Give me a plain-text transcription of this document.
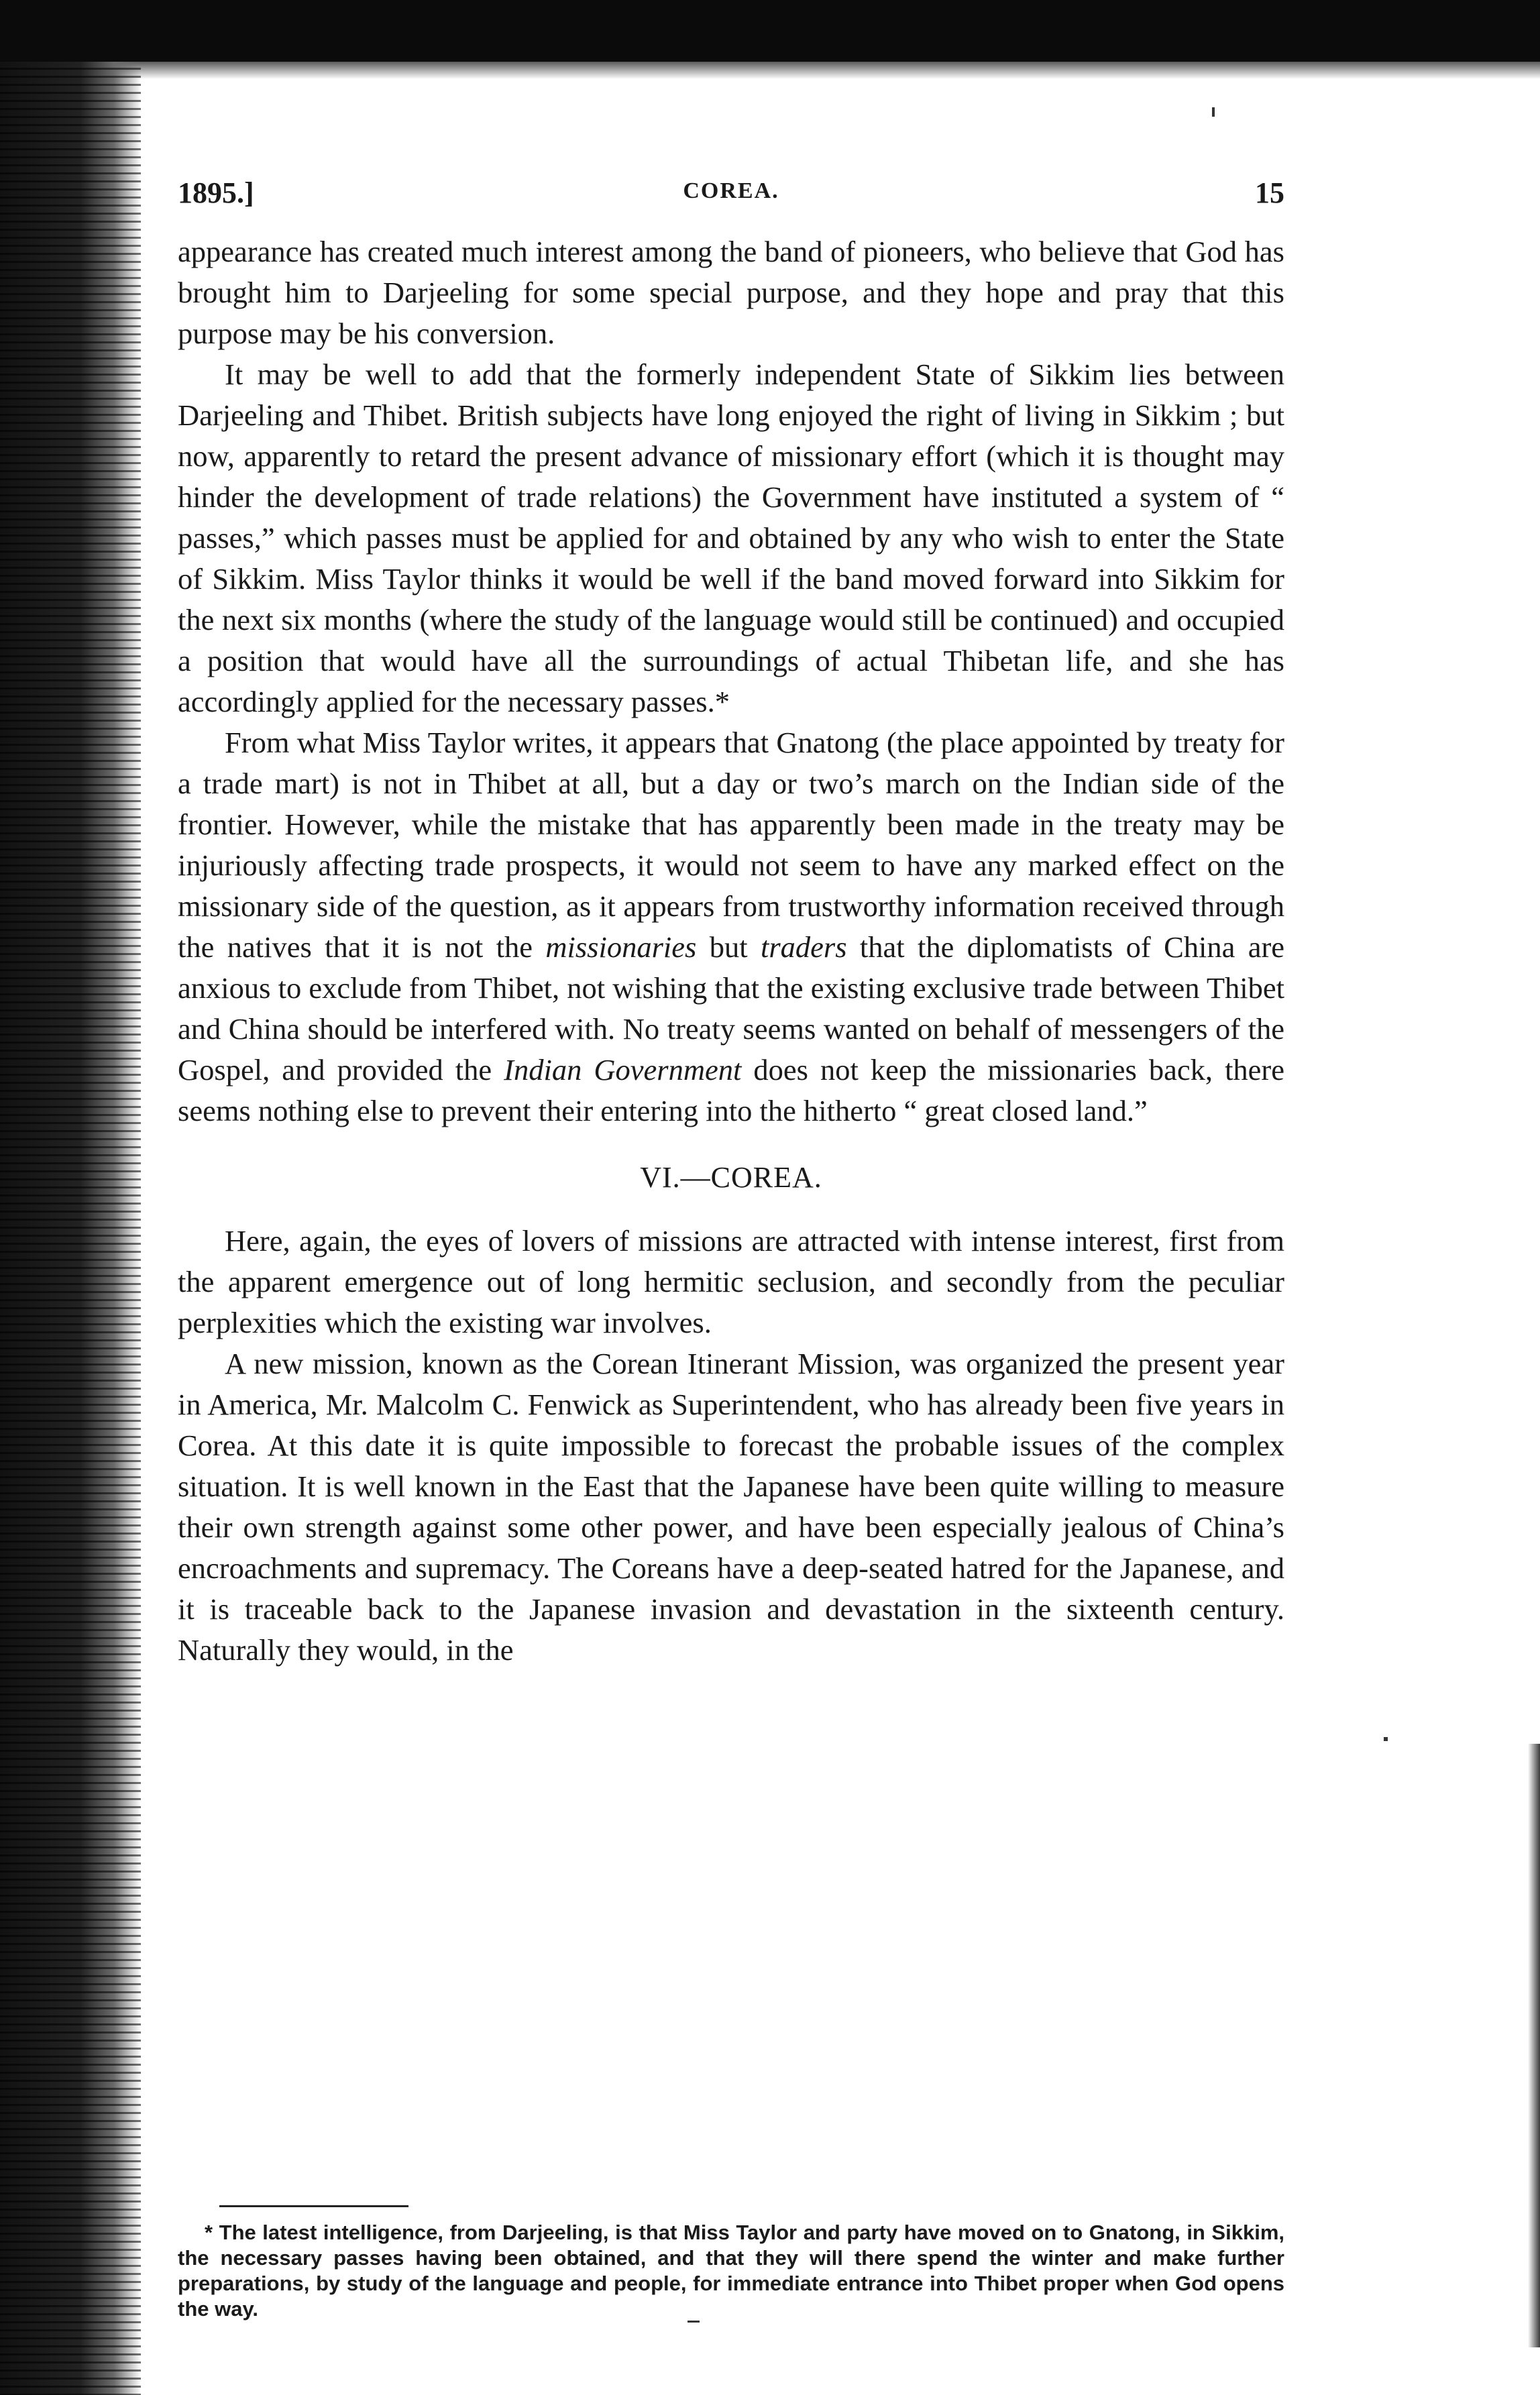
1895.]	COREA.	15

appearance has created much interest among the band of pioneers, who believe that God has brought him to Darjeeling for some special purpose, and they hope and pray that this purpose may be his conversion.

It may be well to add that the formerly independent State of Sikkim lies between Darjeeling and Thibet. British subjects have long enjoyed the right of living in Sikkim ; but now, apparently to retard the present advance of missionary effort (which it is thought may hinder the development of trade relations) the Government have instituted a system of “ passes,” which passes must be applied for and obtained by any who wish to enter the State of Sikkim. Miss Taylor thinks it would be well if the band moved forward into Sikkim for the next six months (where the study of the language would still be continued) and occupied a position that would have all the surroundings of actual Thibetan life, and she has accordingly applied for the necessary passes.*

From what Miss Taylor writes, it appears that Gnatong (the place appointed by treaty for a trade mart) is not in Thibet at all, but a day or two’s march on the Indian side of the frontier. However, while the mistake that has apparently been made in the treaty may be injuriously affecting trade prospects, it would not seem to have any marked effect on the missionary side of the question, as it appears from trustworthy information received through the natives that it is not the missionaries but traders that the diplomatists of China are anxious to exclude from Thibet, not wishing that the existing exclusive trade between Thibet and China should be interfered with. No treaty seems wanted on behalf of messengers of the Gospel, and provided the Indian Government does not keep the missionaries back, there seems nothing else to prevent their entering into the hitherto “ great closed land.”

VI.—COREA.

Here, again, the eyes of lovers of missions are attracted with intense interest, first from the apparent emergence out of long hermitic seclusion, and secondly from the peculiar perplexities which the existing war involves.

A new mission, known as the Corean Itinerant Mission, was organized the present year in America, Mr. Malcolm C. Fenwick as Superintendent, who has already been five years in Corea. At this date it is quite impossible to forecast the probable issues of the complex situation. It is well known in the East that the Japanese have been quite willing to measure their own strength against some other power, and have been especially jealous of China’s encroachments and supremacy. The Coreans have a deep-seated hatred for the Japanese, and it is traceable back to the Japanese invasion and devastation in the sixteenth century. Naturally they would, in the

* The latest intelligence, from Darjeeling, is that Miss Taylor and party have moved on to Gnatong, in Sikkim, the necessary passes having been obtained, and that they will there spend the winter and make further preparations, by study of the language and people, for immediate entrance into Thibet proper when God opens the way.
